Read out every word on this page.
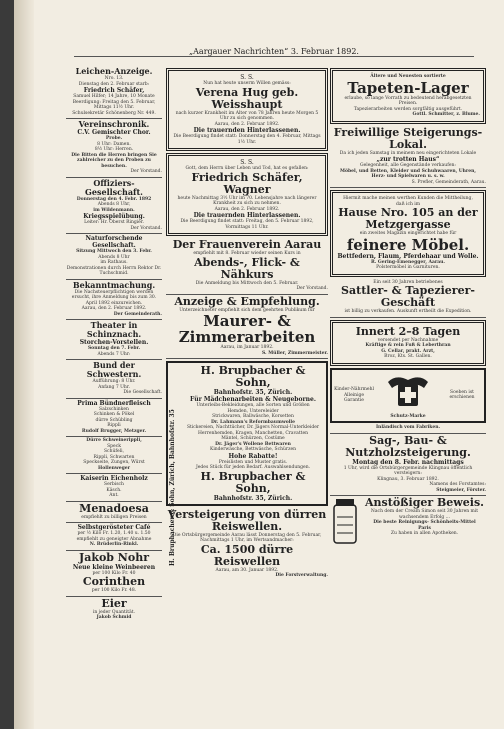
„Aargauer Nachrichten“ 3. Februar 1892.
Leichen-Anzeige.
Nro. 13.
Dienstag den 2. Februar starb:
Friedrich Schäfer,
Samuel Hilfer; 14 Jahre, 10 Monate
Beerdigung: Freitag den 5. Februar, Mittags 11½ Uhr.
Schulsekretär Schönenberg Nr. 449.
Vereinschronik.
C.V. Gemischter Chor.
Probe.
8 Uhr: Damen.
8½ Uhr: Herren.
Die Bitten die Herren bringen Sie zahlreicher zu den Proben zu besuchen.
Der Vorstand.
Offiziers-Gesellschaft.
Donnerstag den 4. Febr. 1892
Abends 8 Uhr,
im Wildenmann.
Kriegsspielübung.
Leiter: Hr. Oberst Ringier.
Der Vorstand.
Naturforschende Gesellschaft.
Sitzung Mittwoch den 3. Febr.
Abends 8 Uhr
im Rathaus.
Demonstrationen durch Herrn Rektor Dr. Tuchschmid.
Bekanntmachung.
Die Nachsteuerpflichtigen werden ersucht, ihre Anmeldung bis zum 30. April 1892 einzureichen.
Aarau, den 2. Februar 1892.
Der Gemeinderath.
Theater in Schinznach.
Storchen-Vorstellen.
Sonntag den 7. Febr.
Abends 7 Uhr:
Bund der Schwestern.
Aufführung: 8 Uhr.
Anfang 7 Uhr.
Die Gesellschaft.
Prima Bündnerfleisch
Salzschinken
Schinken & Pökel
dürre Schübling
Rippli
Rudolf Brugger, Metzger.
Dürre Schweinerippli,
Speck
Schüfeli,
Rippli, Schwarten
Speckseite, Zungen, Würst
Hollenweger
Kaiserin Eichenholz
Serbisch
Käsch.
Ant.
Menadoesa
empfiehlt zu billigen Preisen
Selbstgerösteter Café
per ½ Kilo Fr. 1.20, 1.40 u. 1.50
empfiehlt zu geneigter Abnahme
N. Brüderlin-Rinkl.
Jakob Nohr
Neue kleine Weinbeeren
per 100 Kilo Fr. 40
Corinthen
per 100 Kilo Fr. 48.
Eier
in jeder Quantität.
Jakob Schmid
S. S.
Nun hat heute unserm Willen gemäss:
Verena Hug geb. Weisshaupt
nach kurzer Krankheit im Alter von 78 Jahren heute Morgen 5 Uhr zu sich genommen.
Aarau, den 2. Februar 1892.
Die trauernden Hinterlassenen.
Die Beerdigung findet statt: Donnerstag den 4. Februar, Mittags 1½ Uhr.
S. S.
Gott, dem Herrn über Leben und Tod, hat es gefallen:
Friedrich Schäfer, Wagner
heute Nachmittag 3½ Uhr im 70. Lebensjahre nach längerer Krankheit zu sich zu nehmen.
Aarau, den 2. Februar 1892.
Die trauernden Hinterlassenen.
Die Beerdigung findet statt: Freitag, den 5. Februar 1892, Vormittags 11 Uhr.
Der Frauenverein Aarau
empfiehlt mit 8. Februar wieder seinen Kurs in
Abends-, Flick- & Nähkurs
Die Anmeldung bis Mittwoch den 5. Februar.
Der Vorstand.
Anzeige & Empfehlung.
Unterzeichneter empfiehlt sich dem geehrten Publikum für
Maurer- & Zimmerarbeiten
Aarau, im Januar 1892.
S. Müller, Zimmermeister.
H. Brupbacher & Sohn, Zürich, Bahnhofstr. 35
H. Brupbacher & Sohn,
Bahnhofstr. 35, Zürich.
Für Mädchenarbeiten & Neugeborne.
Unterleibs-Bekleidungen, alle Sorten und Größen
Hemden, Untereleider
Strickwaren, Ballwäsche, Korsetten
Dr. Lahmann's Reformbaumwolle
Stickereien, Nachttücher, Dr. Jägers Normal-Unterkleider
Herrenhemden, Kragen, Manchetten, Cravatten
Mäntel, Schürzen, Costüme
Dr. Jäger's Wollene Bettwaren
Kinderwäsche, Bettwäsche, Schürzen
Hohe Rabatte!
Preislisten und Muster gratis.
Jedes Stück für jeden Bedarf. Auswahlsendungen.
H. Brupbacher & Sohn,
Bahnhofstr. 35, Zürich.
Versteigerung von dürren Reiswellen.
Die Ortsbürgergemeinde Aarau lässt Donnerstag den 5. Februar, Nachmittags 1 Uhr, im Wertsandmacher:
Ca. 1500 dürre Reiswellen
Aarau, am 30. Januar 1892.
Die Forstverwaltung.
Ältere und Neuesten sortierte
Tapeten-Lager
erlaube, so lange Vorrath zu bedeutend herabgesetzten Preisen.
Tapezierarbeiten werden sorgfältig ausgeführt.
Gottl. Schmitter, z. Blume.
Freiwillige Steigerungs-Lokal.
Da ich jeden Samstag in meinem neu eingerichteten Lokale
„zur trotten Haus“
Gelegenheit, alle Gegenstände verkaufen:
Möbel, und Betten, Kleider und Schuhwaaren, Uhren,
Herz- und Spielwaren u. s. w.
S. Prefler, Gemeinderath, Aarau.
Hiermit mache meinen werthen Kunden die Mittheilung,
daß ich im
Hause Nro. 105 an der Metzgergasse
ein zweites Magazin eingerichtet habe für
feinere Möbel.
Bettfedern, Flaum, Pferdehaar und Wolle.
R. Gering-Emenegger, Aarau.
Polstermöbel in Garnituren.
Ein seit 30 Jahren betriebenes
Sattler- & Tapezierer-Geschäft
ist billig zu verkaufen. Auskunft ertheilt die Expedition.
Innert 2–8 Tagen
versendet per Nachnahme
Kräftige & rein Fuß & Leberthran
G. Cellar, prakt. Arzt,
Broz, Kts. St. Gallen.
Kinder-Nährmehl Alleinige Garantie
Schutz-Marke
Soeben ist erschienen
Inländisch vom Fabriken.
Sag-, Bau- & Nutzholzsteigerung.
Montag den 8. Febr. nachmittags
1 Uhr, wird die Ortsbürgergemeinde Klingnau öffentlich versteigern:
Klingnau, 3. Februar 1892.
Namens des Forstamtes:
Steigmeier, Förster.
Anstößiger Beweis.
Nach dem der Cream Simon seit 30 Jahren mit wachsendem Erfolg ...
Die beste Reinigungs- Schönheits-Mittel
Paris
Zu haben in allen Apotheken.
